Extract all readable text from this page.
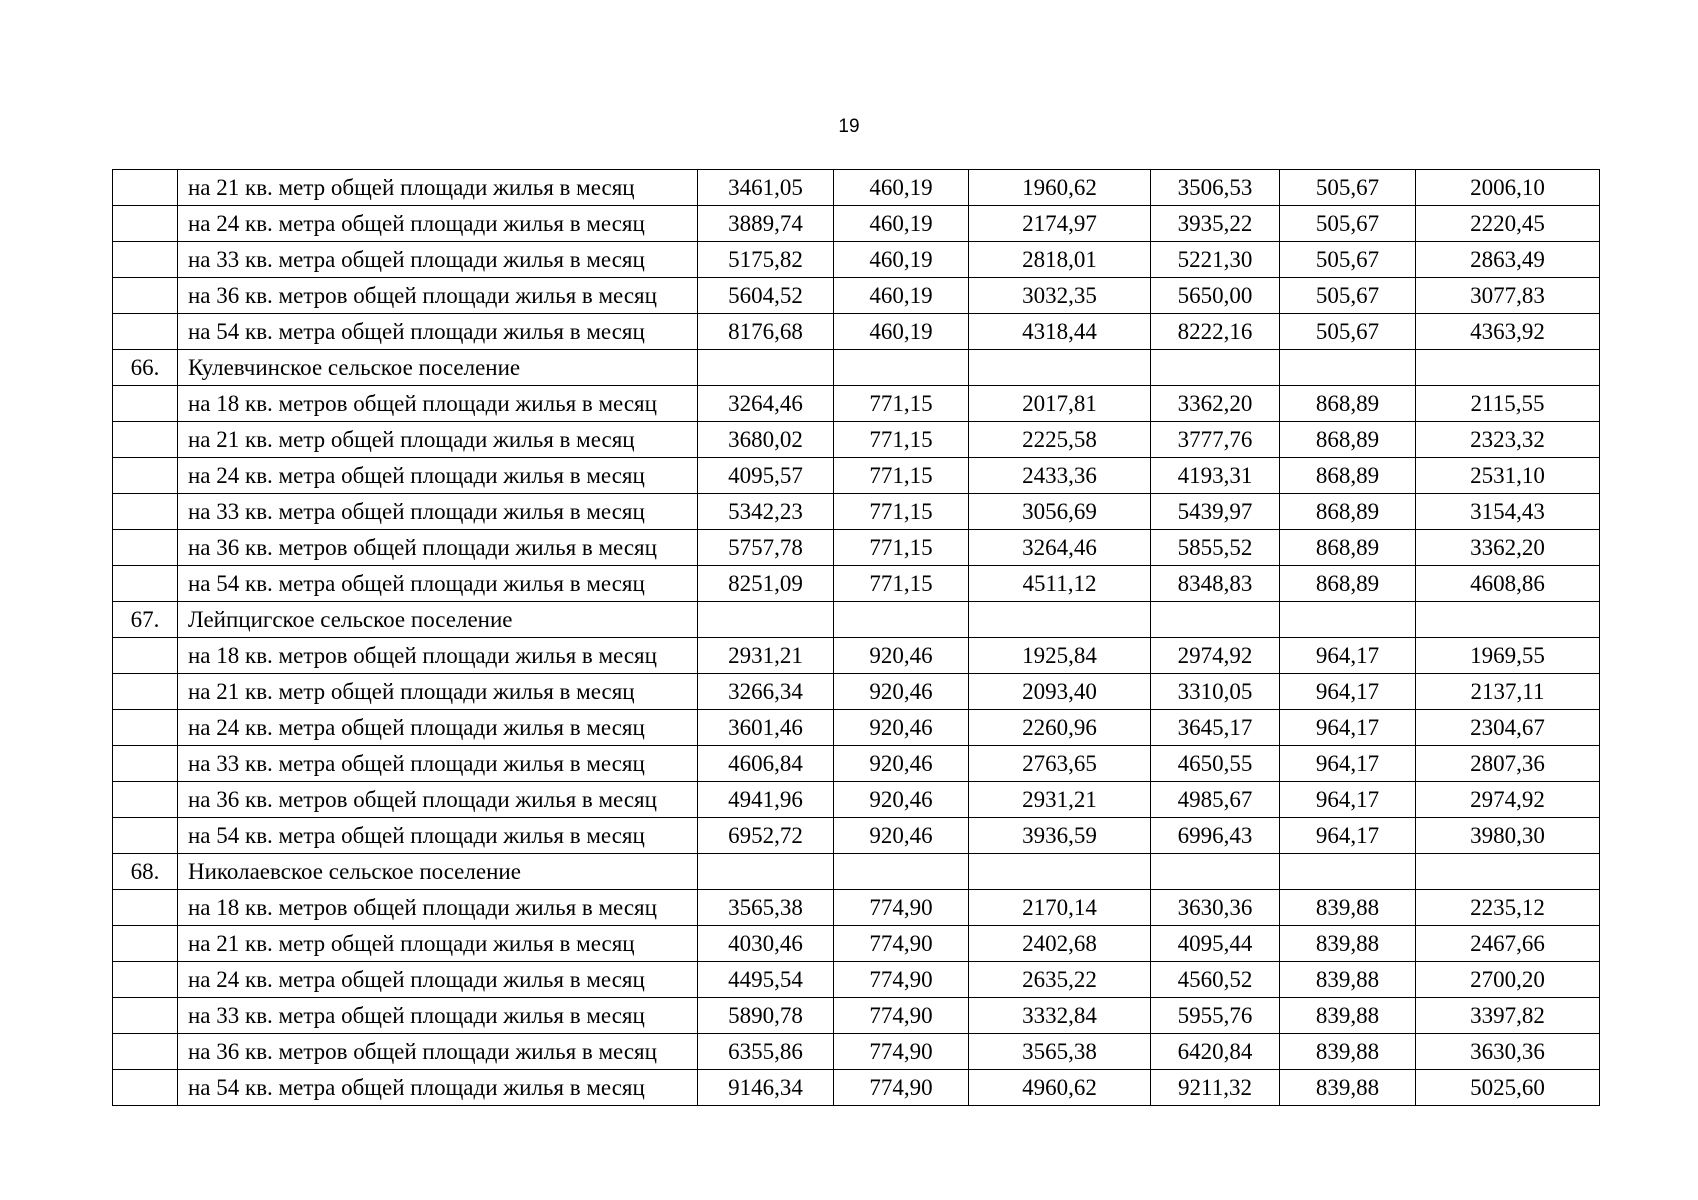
19
	на 21 кв. метр общей площади жилья в месяц	3461,05	460,19	1960,62	3506,53	505,67	2006,10
	на 24 кв. метра общей площади жилья в месяц	3889,74	460,19	2174,97	3935,22	505,67	2220,45
	на 33 кв. метра общей площади жилья в месяц	5175,82	460,19	2818,01	5221,30	505,67	2863,49
	на 36 кв. метров общей площади жилья в месяц	5604,52	460,19	3032,35	5650,00	505,67	3077,83
	на 54 кв. метра общей площади жилья в месяц	8176,68	460,19	4318,44	8222,16	505,67	4363,92
66.	Кулевчинское сельское поселение						
	на 18 кв. метров общей площади жилья в месяц	3264,46	771,15	2017,81	3362,20	868,89	2115,55
	на 21 кв. метр общей площади жилья в месяц	3680,02	771,15	2225,58	3777,76	868,89	2323,32
	на 24 кв. метра общей площади жилья в месяц	4095,57	771,15	2433,36	4193,31	868,89	2531,10
	на 33 кв. метра общей площади жилья в месяц	5342,23	771,15	3056,69	5439,97	868,89	3154,43
	на 36 кв. метров общей площади жилья в месяц	5757,78	771,15	3264,46	5855,52	868,89	3362,20
	на 54 кв. метра общей площади жилья в месяц	8251,09	771,15	4511,12	8348,83	868,89	4608,86
67.	Лейпцигское сельское поселение						
	на 18 кв. метров общей площади жилья в месяц	2931,21	920,46	1925,84	2974,92	964,17	1969,55
	на 21 кв. метр общей площади жилья в месяц	3266,34	920,46	2093,40	3310,05	964,17	2137,11
	на 24 кв. метра общей площади жилья в месяц	3601,46	920,46	2260,96	3645,17	964,17	2304,67
	на 33 кв. метра общей площади жилья в месяц	4606,84	920,46	2763,65	4650,55	964,17	2807,36
	на 36 кв. метров общей площади жилья в месяц	4941,96	920,46	2931,21	4985,67	964,17	2974,92
	на 54 кв. метра общей площади жилья в месяц	6952,72	920,46	3936,59	6996,43	964,17	3980,30
68.	Николаевское сельское поселение						
	на 18 кв. метров общей площади жилья в месяц	3565,38	774,90	2170,14	3630,36	839,88	2235,12
	на 21 кв. метр общей площади жилья в месяц	4030,46	774,90	2402,68	4095,44	839,88	2467,66
	на 24 кв. метра общей площади жилья в месяц	4495,54	774,90	2635,22	4560,52	839,88	2700,20
	на 33 кв. метра общей площади жилья в месяц	5890,78	774,90	3332,84	5955,76	839,88	3397,82
	на 36 кв. метров общей площади жилья в месяц	6355,86	774,90	3565,38	6420,84	839,88	3630,36
	на 54 кв. метра общей площади жилья в месяц	9146,34	774,90	4960,62	9211,32	839,88	5025,60
